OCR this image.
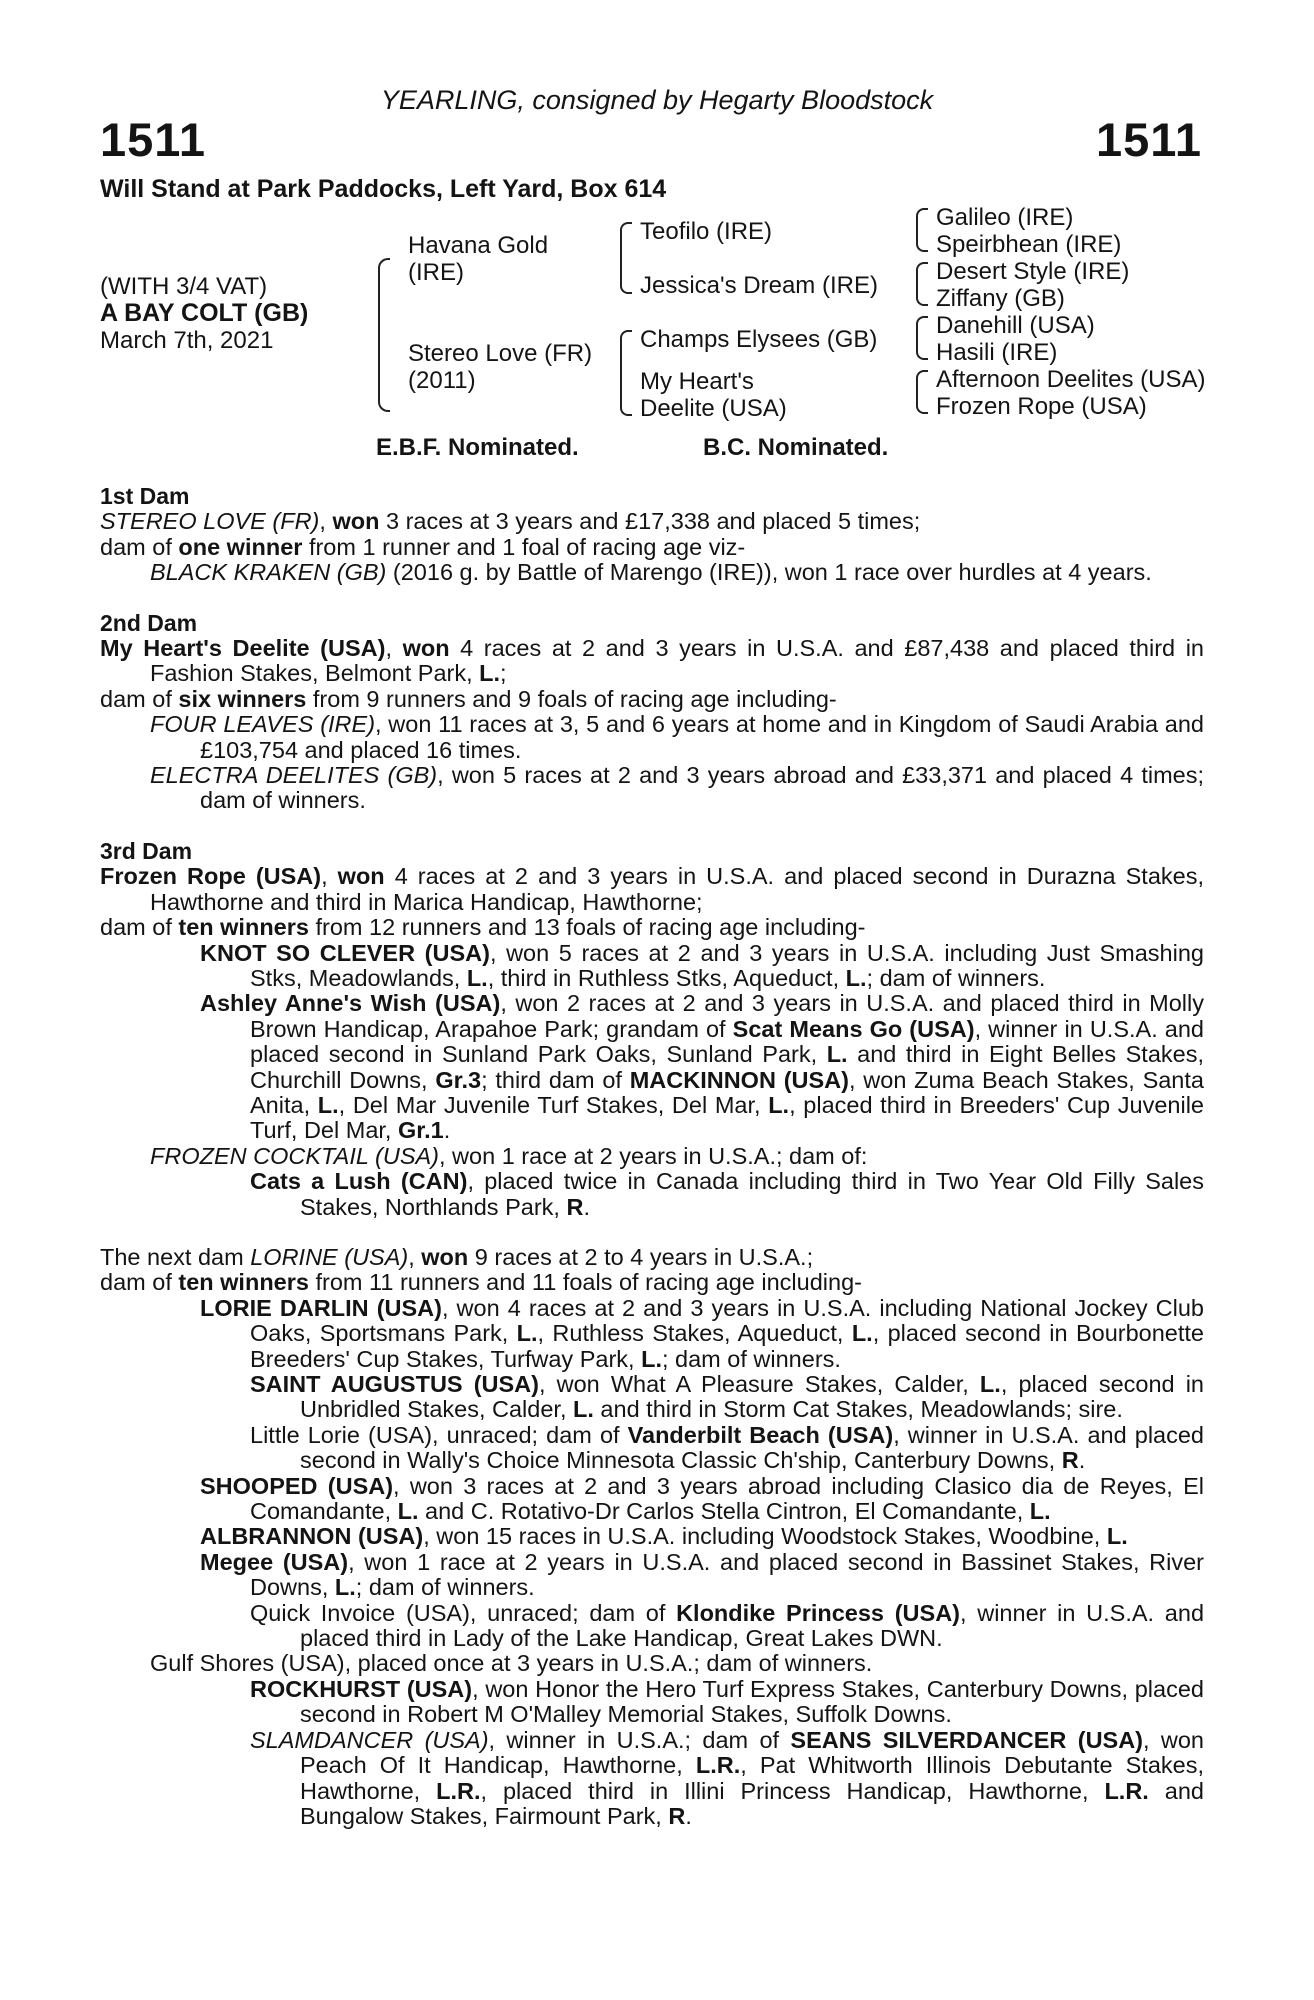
YEARLING, consigned by Hegarty Bloodstock
1511	1511
Will Stand at Park Paddocks, Left Yard, Box 614
(WITH 3/4 VAT)
A BAY COLT (GB)
March 7th, 2021
Havana Gold (IRE)
Stereo Love (FR) (2011)
Teofilo (IRE)
Jessica's Dream (IRE)
Champs Elysees (GB)
My Heart's Deelite (USA)
Galileo (IRE)
Speirbhean (IRE)
Desert Style (IRE)
Ziffany (GB)
Danehill (USA)
Hasili (IRE)
Afternoon Deelites (USA)
Frozen Rope (USA)
E.B.F. Nominated.	B.C. Nominated.

1st Dam

STEREO LOVE (FR), won 3 races at 3 years and £17,338 and placed 5 times;

dam of one winner from 1 runner and 1 foal of racing age viz-

BLACK KRAKEN (GB) (2016 g. by Battle of Marengo (IRE)), won 1 race over hurdles at 4 years.

2nd Dam

My Heart's Deelite (USA), won 4 races at 2 and 3 years in U.S.A. and £87,438 and placed third in Fashion Stakes, Belmont Park, L.;

dam of six winners from 9 runners and 9 foals of racing age including-

FOUR LEAVES (IRE), won 11 races at 3, 5 and 6 years at home and in Kingdom of Saudi Arabia and £103,754 and placed 16 times.

ELECTRA DEELITES (GB), won 5 races at 2 and 3 years abroad and £33,371 and placed 4 times; dam of winners.

3rd Dam

Frozen Rope (USA), won 4 races at 2 and 3 years in U.S.A. and placed second in Durazna Stakes, Hawthorne and third in Marica Handicap, Hawthorne;

dam of ten winners from 12 runners and 13 foals of racing age including-

KNOT SO CLEVER (USA), won 5 races at 2 and 3 years in U.S.A. including Just Smashing Stks, Meadowlands, L., third in Ruthless Stks, Aqueduct, L.; dam of winners.

Ashley Anne's Wish (USA), won 2 races at 2 and 3 years in U.S.A. and placed third in Molly Brown Handicap, Arapahoe Park; grandam of Scat Means Go (USA), winner in U.S.A. and placed second in Sunland Park Oaks, Sunland Park, L. and third in Eight Belles Stakes, Churchill Downs, Gr.3; third dam of MACKINNON (USA), won Zuma Beach Stakes, Santa Anita, L., Del Mar Juvenile Turf Stakes, Del Mar, L., placed third in Breeders' Cup Juvenile Turf, Del Mar, Gr.1.

FROZEN COCKTAIL (USA), won 1 race at 2 years in U.S.A.; dam of:

Cats a Lush (CAN), placed twice in Canada including third in Two Year Old Filly Sales Stakes, Northlands Park, R.

The next dam LORINE (USA), won 9 races at 2 to 4 years in U.S.A.;

dam of ten winners from 11 runners and 11 foals of racing age including-

LORIE DARLIN (USA), won 4 races at 2 and 3 years in U.S.A. including National Jockey Club Oaks, Sportsmans Park, L., Ruthless Stakes, Aqueduct, L., placed second in Bourbonette Breeders' Cup Stakes, Turfway Park, L.; dam of winners.

SAINT AUGUSTUS (USA), won What A Pleasure Stakes, Calder, L., placed second in Unbridled Stakes, Calder, L. and third in Storm Cat Stakes, Meadowlands; sire.

Little Lorie (USA), unraced; dam of Vanderbilt Beach (USA), winner in U.S.A. and placed second in Wally's Choice Minnesota Classic Ch'ship, Canterbury Downs, R.

SHOOPED (USA), won 3 races at 2 and 3 years abroad including Clasico dia de Reyes, El Comandante, L. and C. Rotativo-Dr Carlos Stella Cintron, El Comandante, L.

ALBRANNON (USA), won 15 races in U.S.A. including Woodstock Stakes, Woodbine, L.

Megee (USA), won 1 race at 2 years in U.S.A. and placed second in Bassinet Stakes, River Downs, L.; dam of winners.

Quick Invoice (USA), unraced; dam of Klondike Princess (USA), winner in U.S.A. and placed third in Lady of the Lake Handicap, Great Lakes DWN.

Gulf Shores (USA), placed once at 3 years in U.S.A.; dam of winners.

ROCKHURST (USA), won Honor the Hero Turf Express Stakes, Canterbury Downs, placed second in Robert M O'Malley Memorial Stakes, Suffolk Downs.

SLAMDANCER (USA), winner in U.S.A.; dam of SEANS SILVERDANCER (USA), won Peach Of It Handicap, Hawthorne, L.R., Pat Whitworth Illinois Debutante Stakes, Hawthorne, L.R., placed third in Illini Princess Handicap, Hawthorne, L.R. and Bungalow Stakes, Fairmount Park, R.
